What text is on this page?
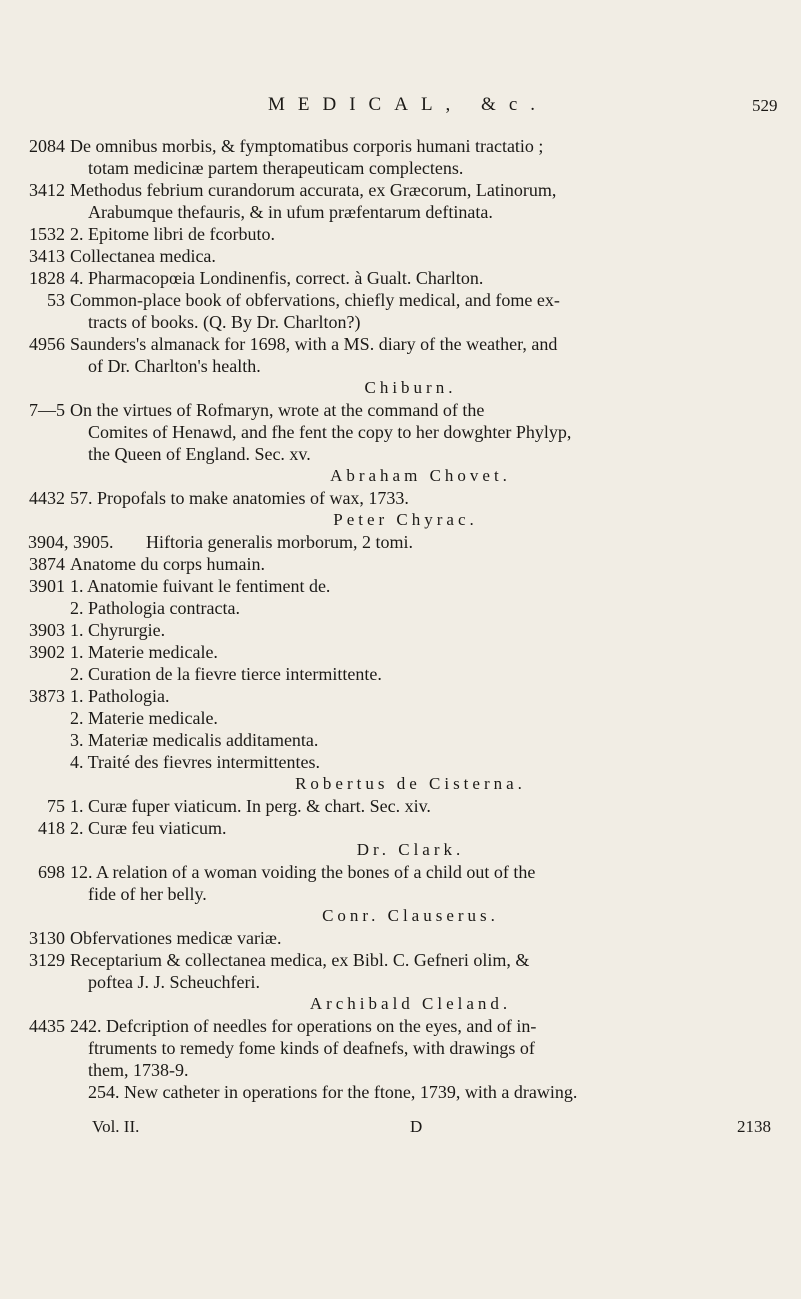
MEDICAL, &c.	529
2084 De omnibus morbis, & fymptomatibus corporis humani tractatio ;
totam medicinæ partem therapeuticam complectens.
3412 Methodus febrium curandorum accurata, ex Græcorum, Latinorum,
Arabumque thefauris, & in ufum præfentarum deftinata.
1532 2. Epitome libri de fcorbuto.
3413 Collectanea medica.
1828 4. Pharmacopœia Londinenfis, correct. à Gualt. Charlton.
53 Common-place book of obfervations, chiefly medical, and fome ex-
tracts of books. (Q. By Dr. Charlton?)
4956 Saunders's almanack for 1698, with a MS. diary of the weather, and
of Dr. Charlton's health.
Chiburn.
7—5 On the virtues of Rofmaryn, wrote at the command of the
Comites of Henawd, and fhe fent the copy to her dowghter Phylyp,
the Queen of England. Sec. xv.
Abraham Chovet.
4432 57. Propofals to make anatomies of wax, 1733.
Peter Chyrac.
3904, 3905. Hiftoria generalis morborum, 2 tomi.
3874 Anatome du corps humain.
3901 1. Anatomie fuivant le fentiment de.
2. Pathologia contracta.
3903 1. Chyrurgie.
3902 1. Materie medicale.
2. Curation de la fievre tierce intermittente.
3873 1. Pathologia.
2. Materie medicale.
3. Materiæ medicalis additamenta.
4. Traité des fievres intermittentes.
Robertus de Cisterna.
75 1. Curæ fuper viaticum. In perg. & chart. Sec. xiv.
418 2. Curæ feu viaticum.
Dr. Clark.
698 12. A relation of a woman voiding the bones of a child out of the
fide of her belly.
Conr. Clauserus.
3130 Obfervationes medicæ variæ.
3129 Receptarium & collectanea medica, ex Bibl. C. Gefneri olim, &
poftea J. J. Scheuchferi.
Archibald Cleland.
4435 242. Defcription of needles for operations on the eyes, and of in-
ftruments to remedy fome kinds of deafnefs, with drawings of
them, 1738-9.
254. New catheter in operations for the ftone, 1739, with a drawing.
Vol. II.	D	2138
